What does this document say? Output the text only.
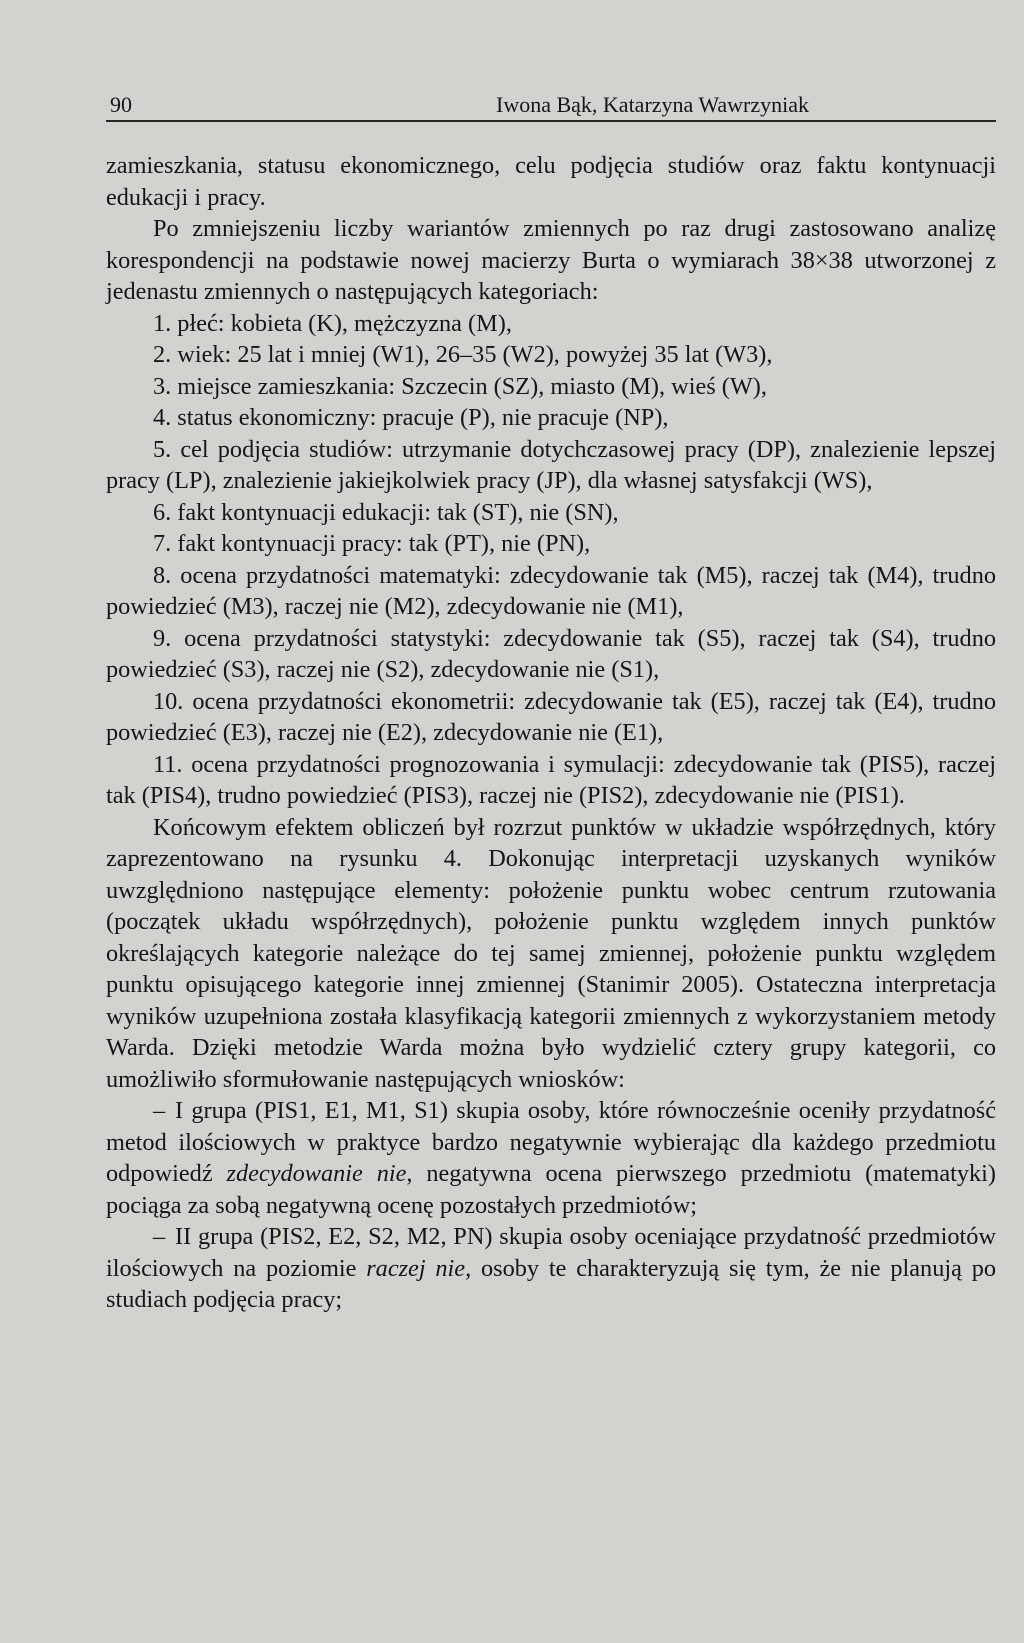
90	Iwona Bąk, Katarzyna Wawrzyniak

zamieszkania, statusu ekonomicznego, celu podjęcia studiów oraz faktu kontynuacji edukacji i pracy.

Po zmniejszeniu liczby wariantów zmiennych po raz drugi zastosowano analizę korespondencji na podstawie nowej macierzy Burta o wymiarach 38×38 utworzonej z jedenastu zmiennych o następujących kategoriach:

1. płeć: kobieta (K), mężczyzna (M),
2. wiek: 25 lat i mniej (W1), 26–35 (W2), powyżej 35 lat (W3),
3. miejsce zamieszkania: Szczecin (SZ), miasto (M), wieś (W),
4. status ekonomiczny: pracuje (P), nie pracuje (NP),
5. cel podjęcia studiów: utrzymanie dotychczasowej pracy (DP), znalezienie lepszej pracy (LP), znalezienie jakiejkolwiek pracy (JP), dla własnej satysfakcji (WS),
6. fakt kontynuacji edukacji: tak (ST), nie (SN),
7. fakt kontynuacji pracy: tak (PT), nie (PN),
8. ocena przydatności matematyki: zdecydowanie tak (M5), raczej tak (M4), trudno powiedzieć (M3), raczej nie (M2), zdecydowanie nie (M1),
9. ocena przydatności statystyki: zdecydowanie tak (S5), raczej tak (S4), trudno powiedzieć (S3), raczej nie (S2), zdecydowanie nie (S1),
10. ocena przydatności ekonometrii: zdecydowanie tak (E5), raczej tak (E4), trudno powiedzieć (E3), raczej nie (E2), zdecydowanie nie (E1),
11. ocena przydatności prognozowania i symulacji: zdecydowanie tak (PIS5), raczej tak (PIS4), trudno powiedzieć (PIS3), raczej nie (PIS2), zdecydowanie nie (PIS1).

Końcowym efektem obliczeń był rozrzut punktów w układzie współrzędnych, który zaprezentowano na rysunku 4. Dokonując interpretacji uzyskanych wyników uwzględniono następujące elementy: położenie punktu wobec centrum rzutowania (początek układu współrzędnych), położenie punktu względem innych punktów określających kategorie należące do tej samej zmiennej, położenie punktu względem punktu opisującego kategorie innej zmiennej (Stanimir 2005). Ostateczna interpretacja wyników uzupełniona została klasyfikacją kategorii zmiennych z wykorzystaniem metody Warda. Dzięki metodzie Warda można było wydzielić cztery grupy kategorii, co umożliwiło sformułowanie następujących wniosków:

– I grupa (PIS1, E1, M1, S1) skupia osoby, które równocześnie oceniły przydatność metod ilościowych w praktyce bardzo negatywnie wybierając dla każdego przedmiotu odpowiedź zdecydowanie nie, negatywna ocena pierwszego przedmiotu (matematyki) pociąga za sobą negatywną ocenę pozostałych przedmiotów;
– II grupa (PIS2, E2, S2, M2, PN) skupia osoby oceniające przydatność przedmiotów ilościowych na poziomie raczej nie, osoby te charakteryzują się tym, że nie planują po studiach podjęcia pracy;
